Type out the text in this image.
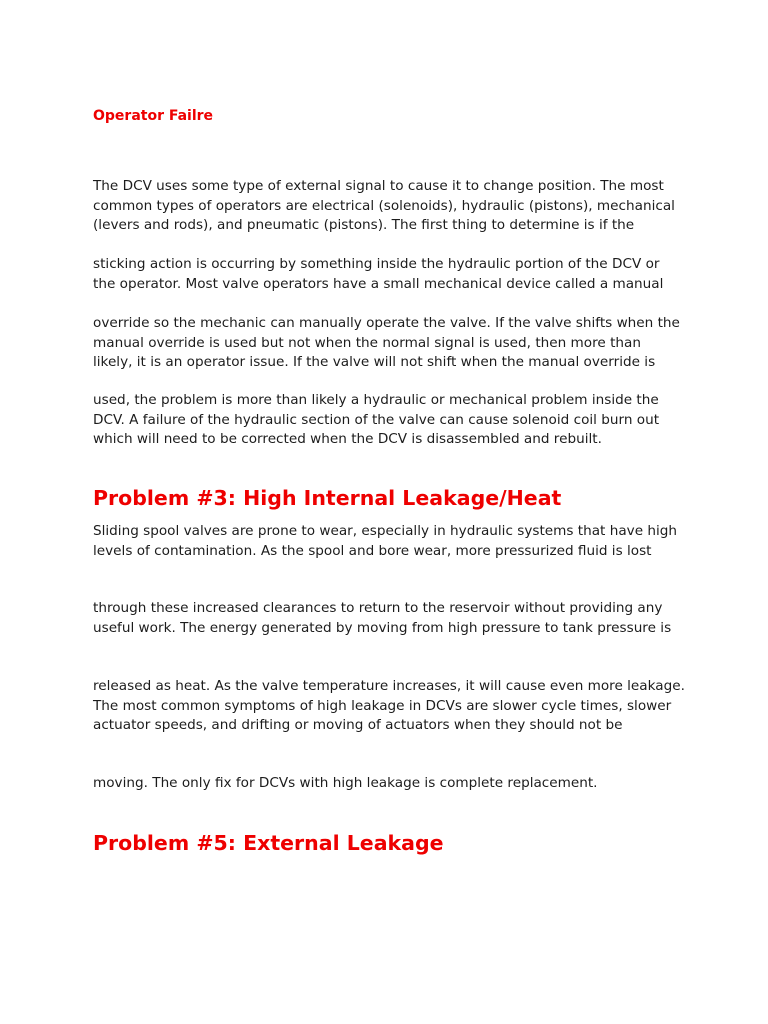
Operator Failre
The DCV uses some type of external signal to cause it to change position. The most
common types of operators are electrical (solenoids), hydraulic (pistons), mechanical
(levers and rods), and pneumatic (pistons). The first thing to determine is if the
sticking action is occurring by something inside the hydraulic portion of the DCV or
the operator. Most valve operators have a small mechanical device called a manual
override so the mechanic can manually operate the valve. If the valve shifts when the
manual override is used but not when the normal signal is used, then more than
likely, it is an operator issue. If the valve will not shift when the manual override is
used, the problem is more than likely a hydraulic or mechanical problem inside the
DCV. A failure of the hydraulic section of the valve can cause solenoid coil burn out
which will need to be corrected when the DCV is disassembled and rebuilt.
Problem #3: High Internal Leakage/Heat
Sliding spool valves are prone to wear, especially in hydraulic systems that have high
levels of contamination. As the spool and bore wear, more pressurized fluid is lost
through these increased clearances to return to the reservoir without providing any
useful work. The energy generated by moving from high pressure to tank pressure is
released as heat. As the valve temperature increases, it will cause even more leakage.
The most common symptoms of high leakage in DCVs are slower cycle times, slower
actuator speeds, and drifting or moving of actuators when they should not be
moving. The only fix for DCVs with high leakage is complete replacement.
Problem #5: External Leakage
